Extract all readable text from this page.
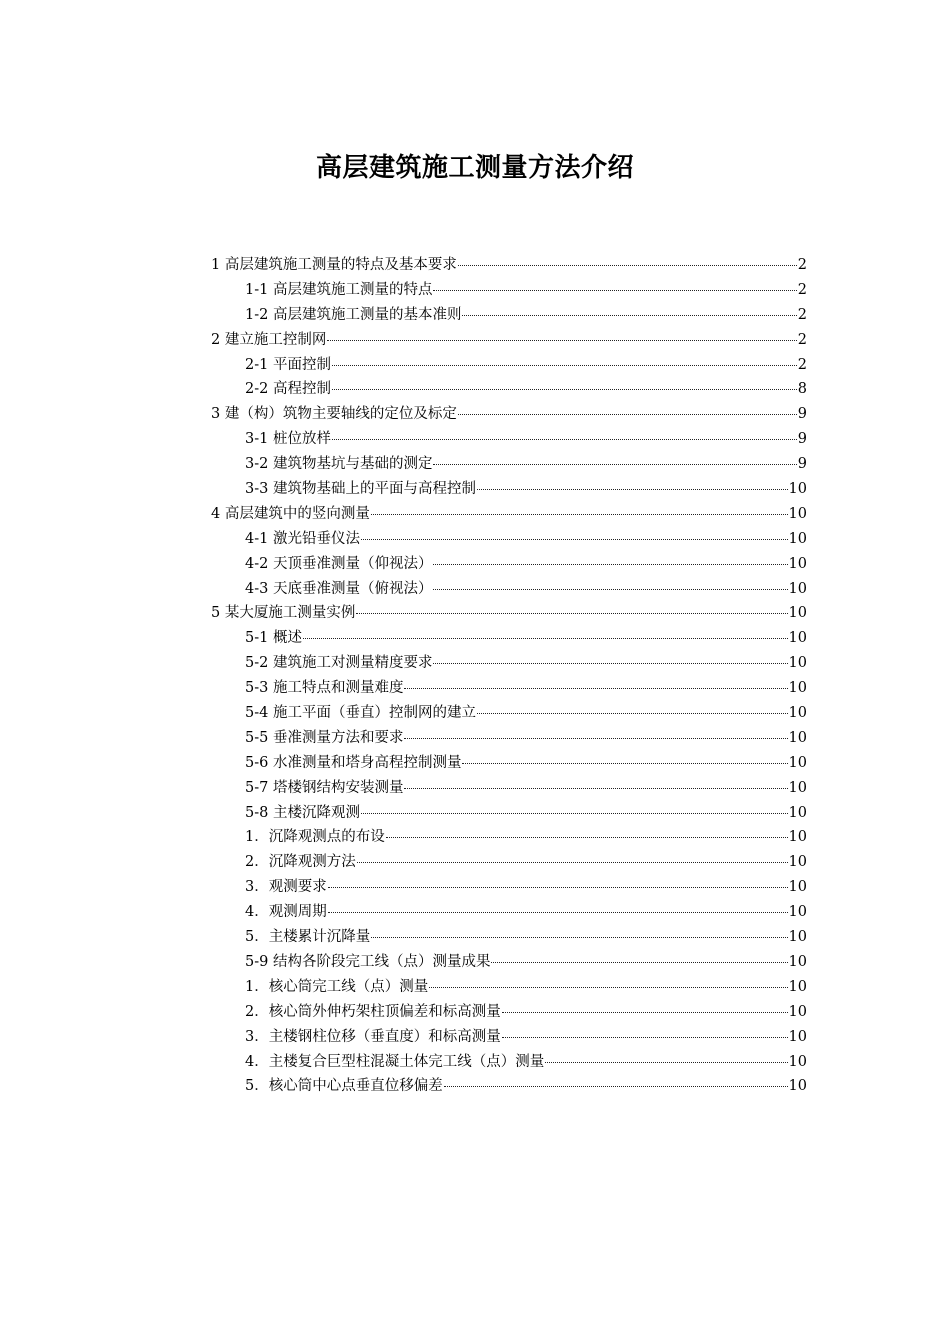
高层建筑施工测量方法介绍
1 高层建筑施工测量的特点及基本要求	2
1-1 高层建筑施工测量的特点	2
1-2 高层建筑施工测量的基本准则	2
2 建立施工控制网	2
2-1 平面控制	2
2-2 高程控制	8
3 建（构）筑物主要轴线的定位及标定	9
3-1 桩位放样	9
3-2 建筑物基坑与基础的测定	9
3-3 建筑物基础上的平面与高程控制	10
4 高层建筑中的竖向测量	10
4-1 激光铅垂仪法	10
4-2 天顶垂准测量（仰视法）	10
4-3 天底垂准测量（俯视法）	10
5 某大厦施工测量实例	10
5-1 概述	10
5-2 建筑施工对测量精度要求	10
5-3 施工特点和测量难度	10
5-4 施工平面（垂直）控制网的建立	10
5-5 垂准测量方法和要求	10
5-6 水准测量和塔身高程控制测量	10
5-7 塔楼钢结构安装测量	10
5-8 主楼沉降观测	10
1．沉降观测点的布设	10
2．沉降观测方法	10
3．观测要求	10
4．观测周期	10
5．主楼累计沉降量	10
5-9 结构各阶段完工线（点）测量成果	10
1．核心筒完工线（点）测量	10
2．核心筒外伸朽架柱顶偏差和标高测量	10
3．主楼钢柱位移（垂直度）和标高测量	10
4．主楼复合巨型柱混凝土体完工线（点）测量	10
5．核心筒中心点垂直位移偏差	10
